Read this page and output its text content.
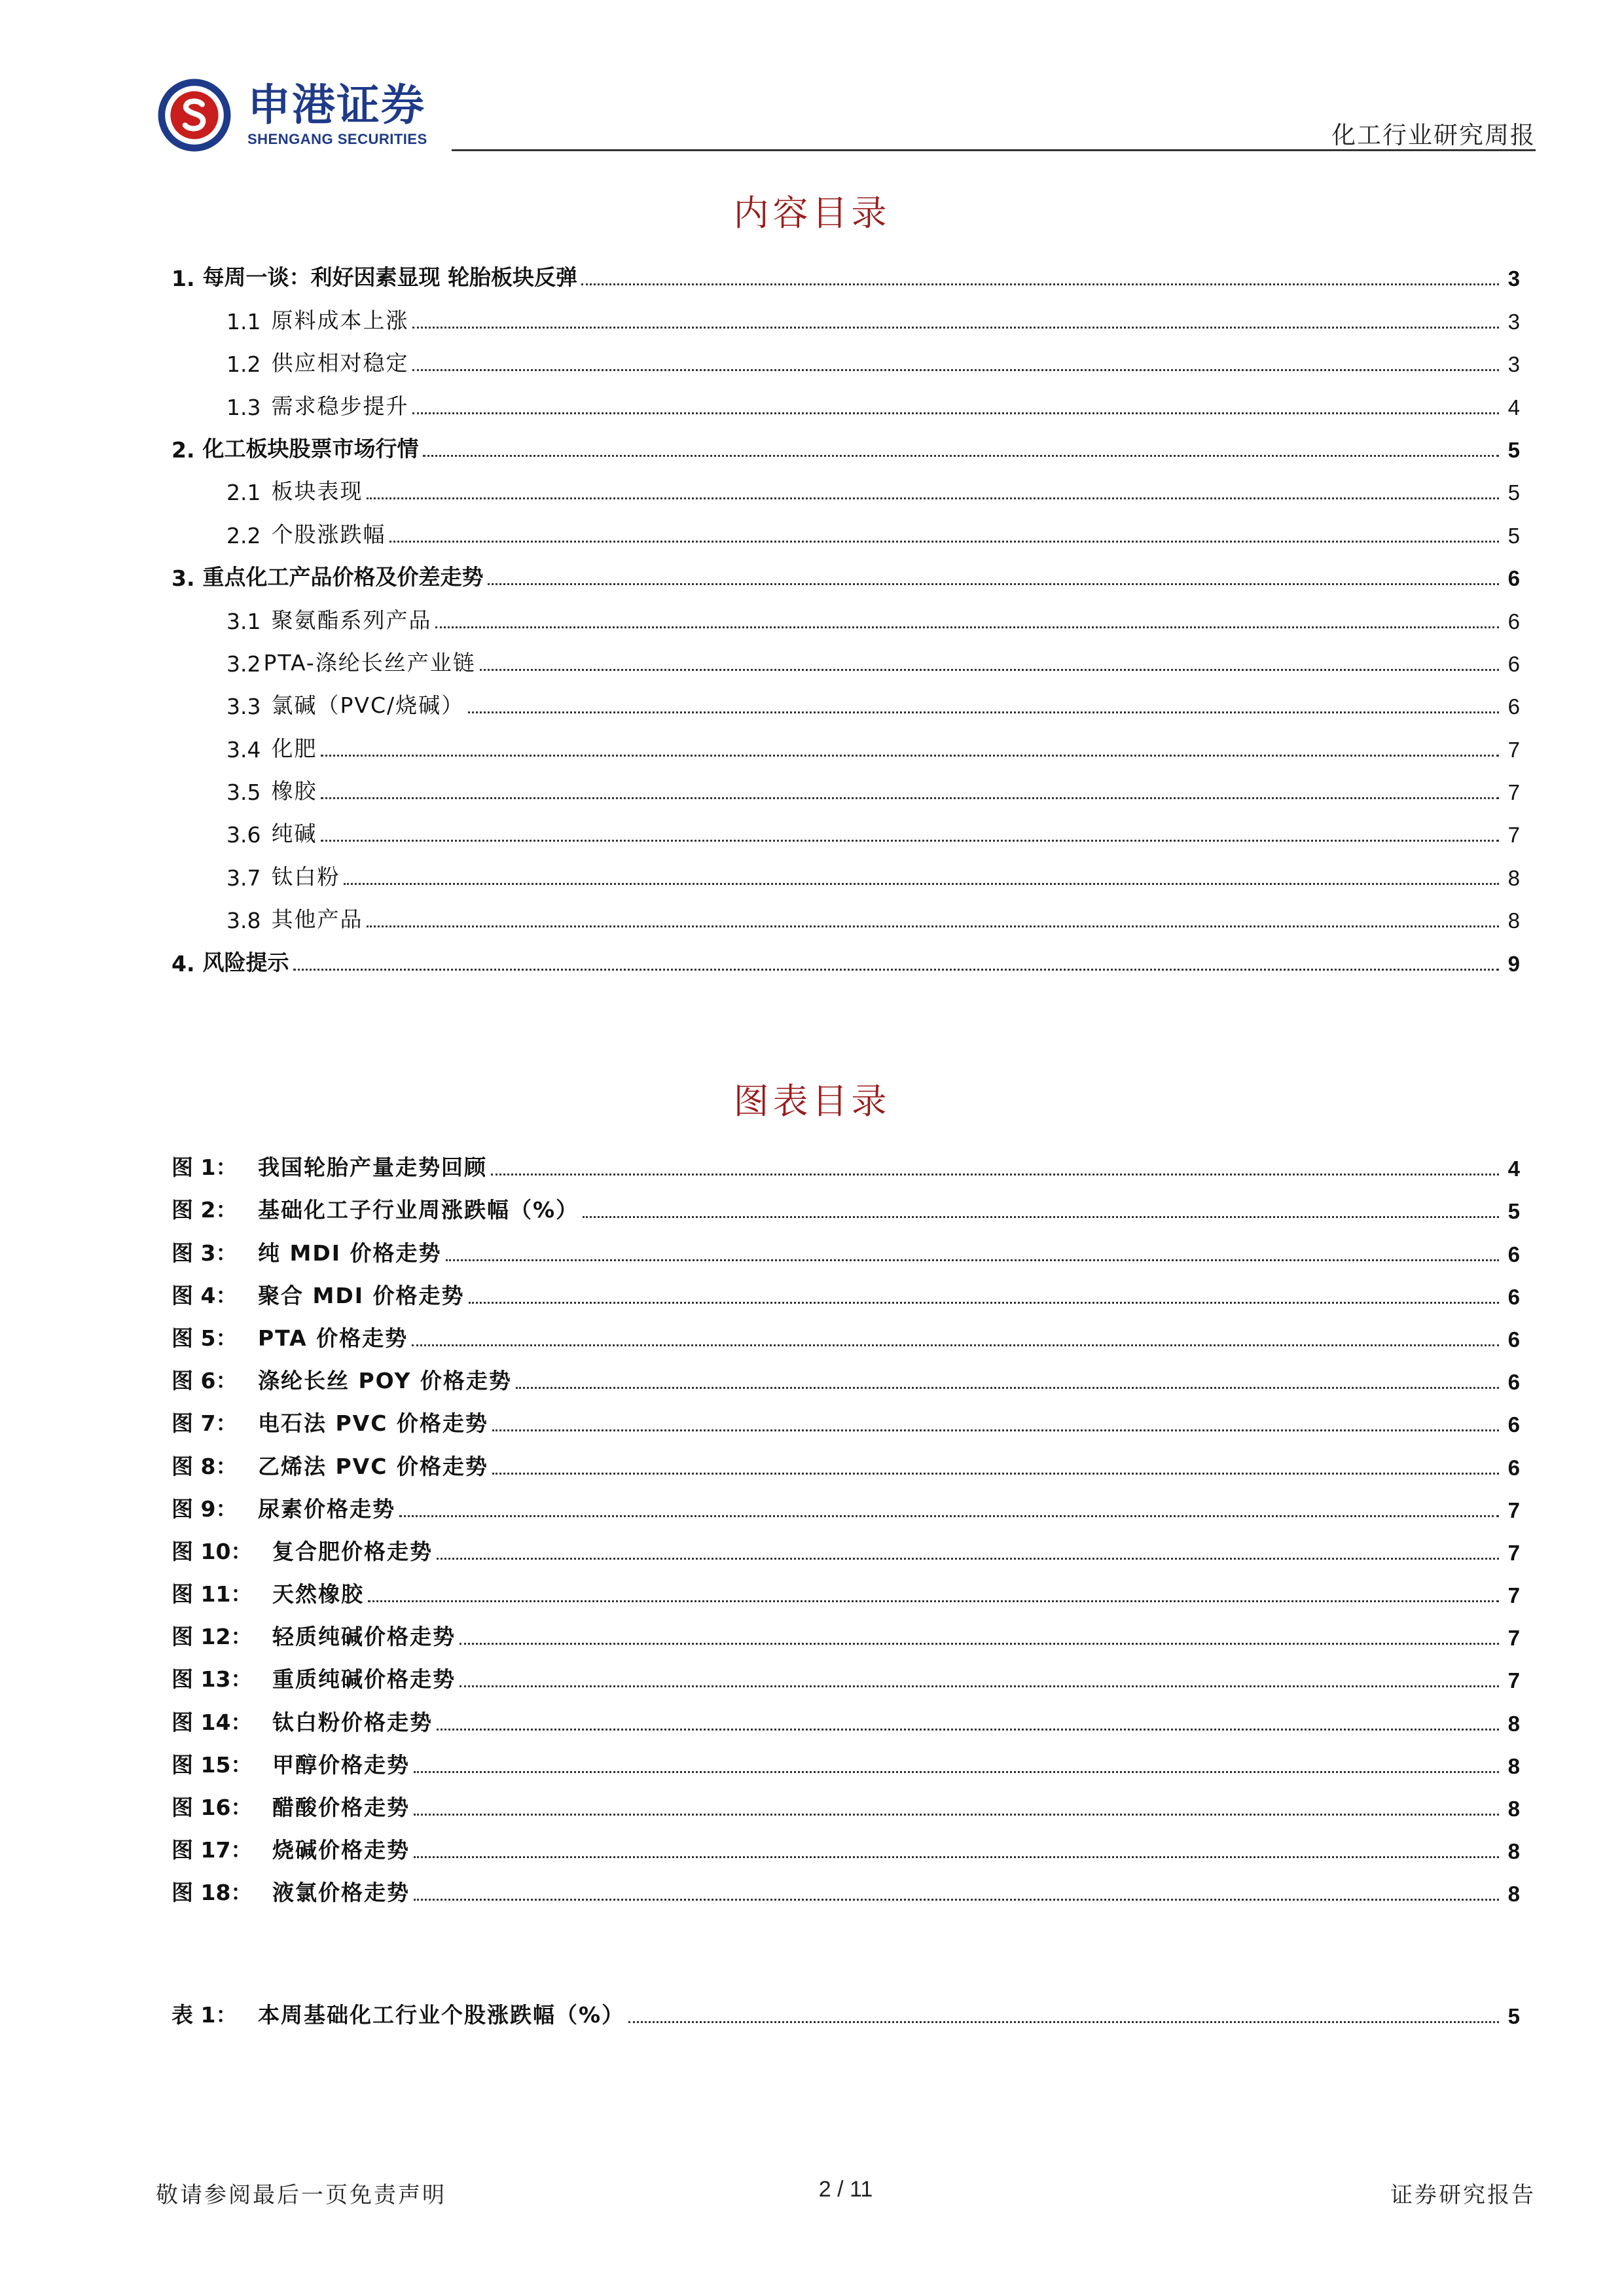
申港证券
SHENGANG SECURITIES	化工行业研究周报
内容目录
1. 每周一谈：利好因素显现 轮胎板块反弹	3
1.1 原料成本上涨	3
1.2 供应相对稳定	3
1.3 需求稳步提升	4
2. 化工板块股票市场行情	5
2.1 板块表现	5
2.2 个股涨跌幅	5
3. 重点化工产品价格及价差走势	6
3.1 聚氨酯系列产品	6
3.2 PTA-涤纶长丝产业链	6
3.3 氯碱（PVC/烧碱）	6
3.4 化肥	7
3.5 橡胶	7
3.6 纯碱	7
3.7 钛白粉	8
3.8 其他产品	8
4. 风险提示	9
图表目录
图 1： 我国轮胎产量走势回顾	4
图 2： 基础化工子行业周涨跌幅（%）	5
图 3： 纯 MDI 价格走势	6
图 4： 聚合 MDI 价格走势	6
图 5： PTA 价格走势	6
图 6： 涤纶长丝 POY 价格走势	6
图 7： 电石法 PVC 价格走势	6
图 8： 乙烯法 PVC 价格走势	6
图 9： 尿素价格走势	7
图 10： 复合肥价格走势	7
图 11： 天然橡胶	7
图 12： 轻质纯碱价格走势	7
图 13： 重质纯碱价格走势	7
图 14： 钛白粉价格走势	8
图 15： 甲醇价格走势	8
图 16： 醋酸价格走势	8
图 17： 烧碱价格走势	8
图 18： 液氯价格走势	8
表 1： 本周基础化工行业个股涨跌幅（%）	5
敬请参阅最后一页免责声明	2 / 11	证券研究报告
